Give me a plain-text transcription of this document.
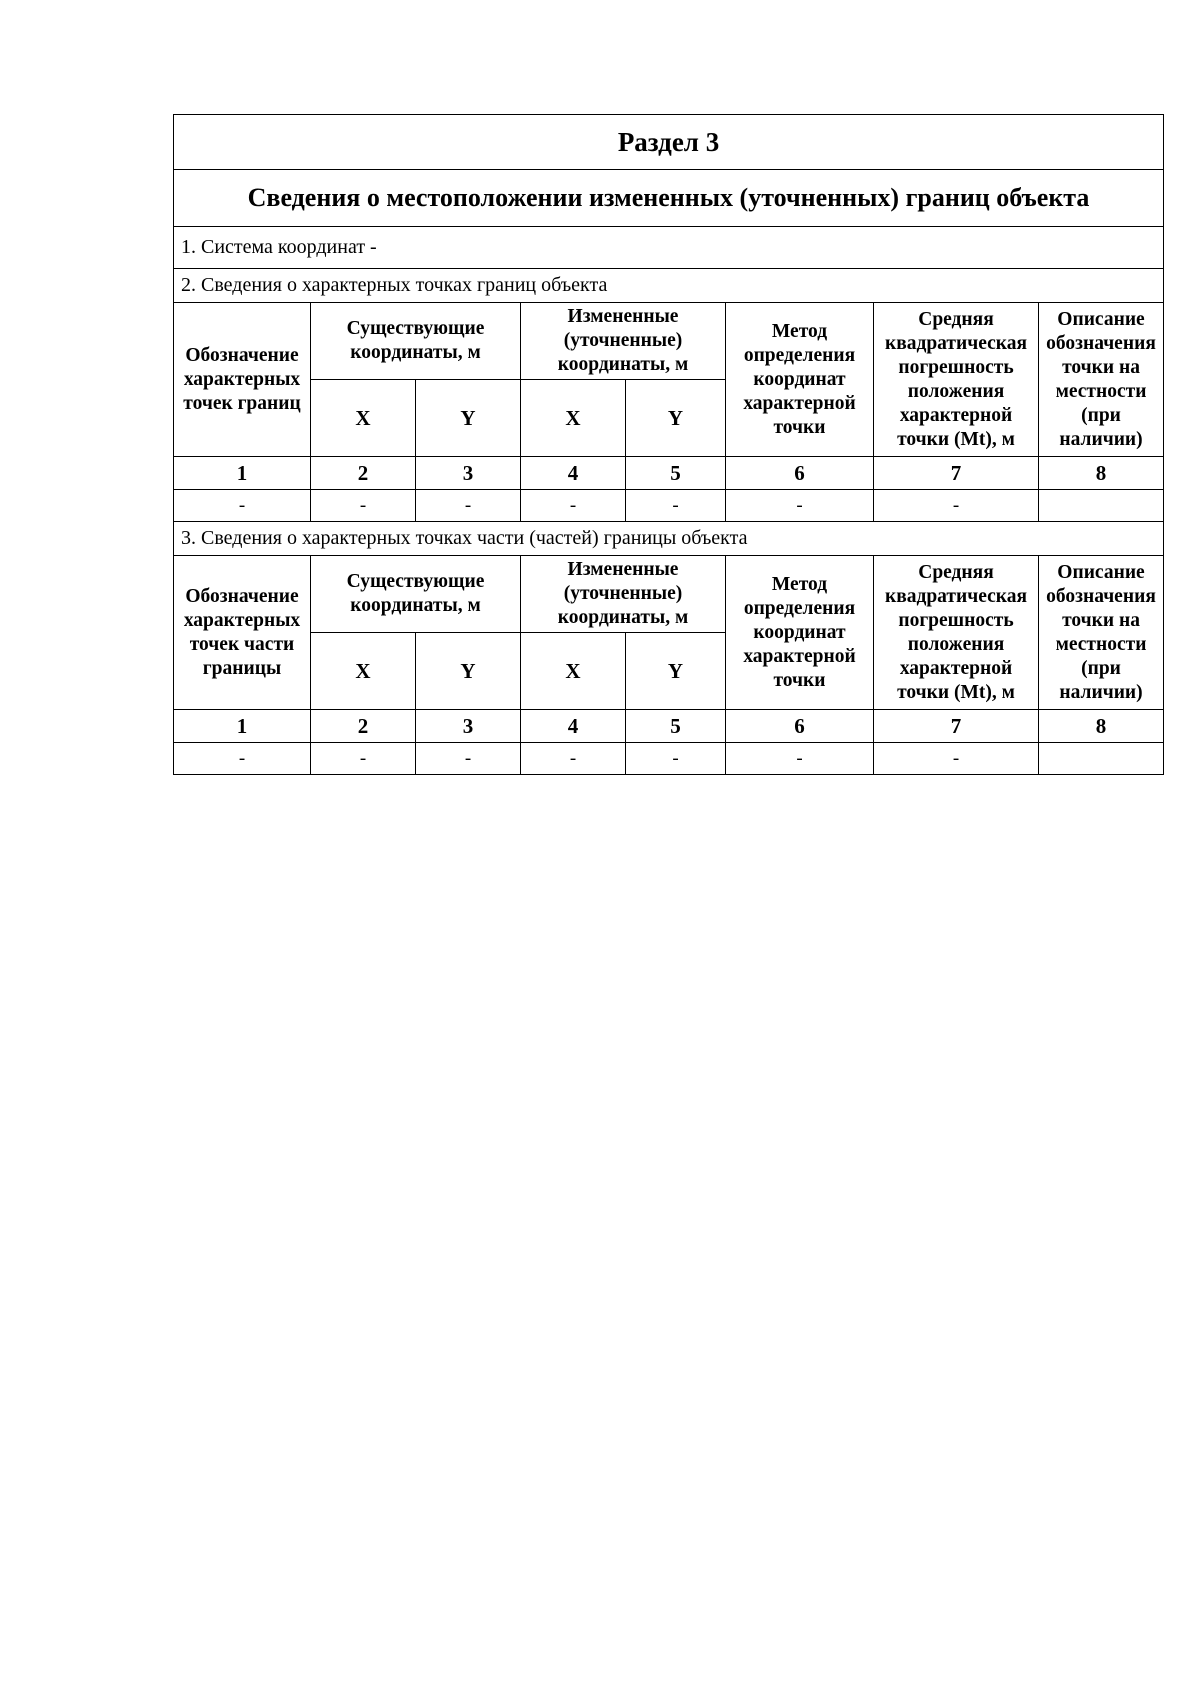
Раздел 3							
Сведения о местоположении измененных (уточненных) границ объекта							
1. Система координат -							
2. Сведения о характерных точках границ объекта							

Обозначение характерных точек границ	Существующие координаты, м		Измененные (уточненные) координаты, м		Метод определения координат характерной точки	Средняя квадратическая погрешность положения характерной точки (Mt), м	Описание обозначения точки на местности (при наличии)

	X	Y	X	Y			
1	2	3	4	5	6	7	8
-	-	-	-	-	-	-	
3. Сведения о характерных точках части (частей) границы объекта							

Обозначение характерных точек части границы	Существующие координаты, м		Измененные (уточненные) координаты, м		Метод определения координат характерной точки	Средняя квадратическая погрешность положения характерной точки (Mt), м	Описание обозначения точки на местности (при наличии)

	X	Y	X	Y			
1	2	3	4	5	6	7	8
-	-	-	-	-	-	-	
